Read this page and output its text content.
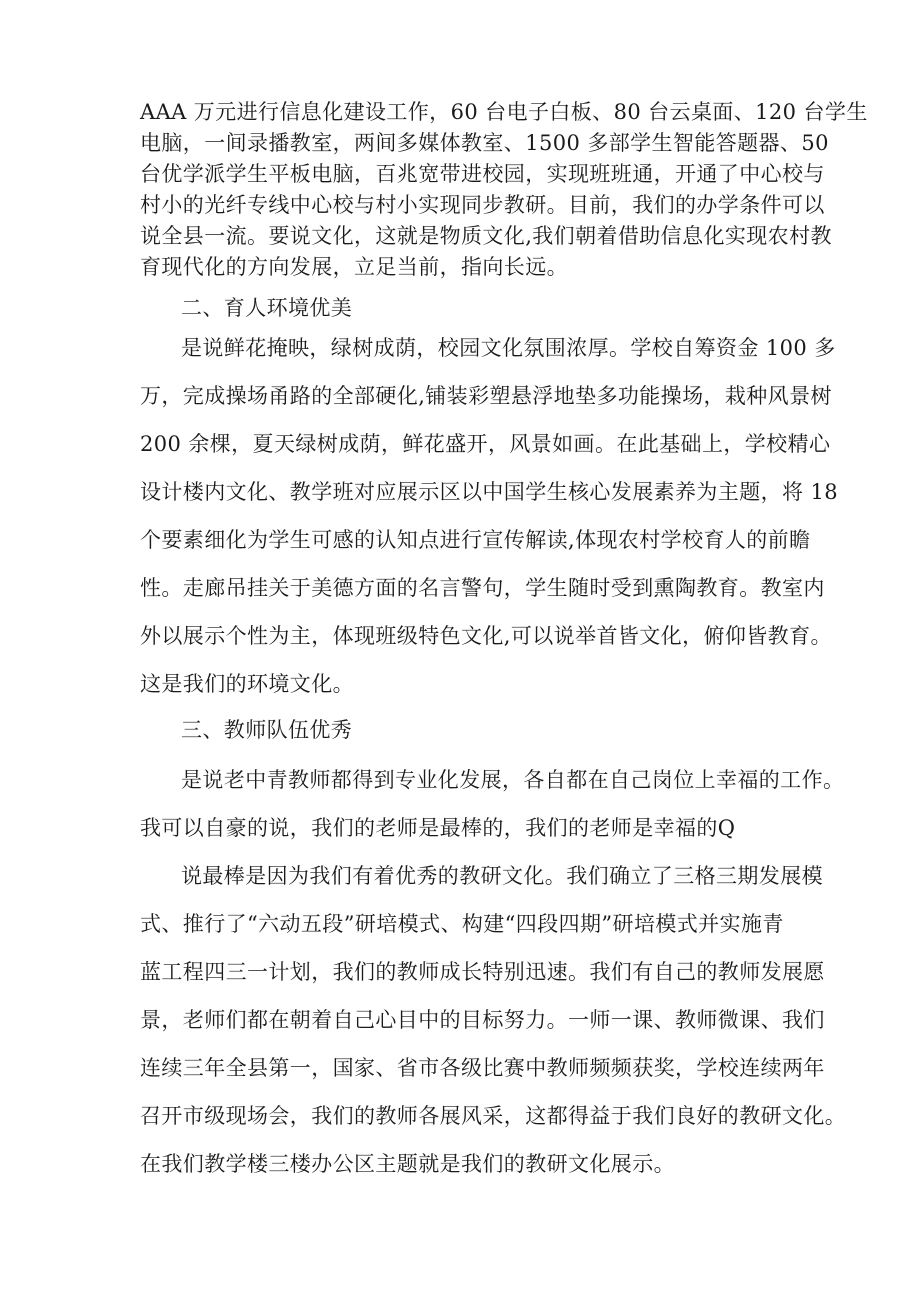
AAA 万元进行信息化建设工作，60 台电子白板、80 台云桌面、120 台学生
电脑，一间录播教室，两间多媒体教室、1500 多部学生智能答题器、50
台优学派学生平板电脑，百兆宽带进校园，实现班班通，开通了中心校与
村小的光纤专线中心校与村小实现同步教研。目前，我们的办学条件可以
说全县一流。要说文化，这就是物质文化,我们朝着借助信息化实现农村教
育现代化的方向发展，立足当前，指向长远。
二、育人环境优美
是说鲜花掩映，绿树成荫，校园文化氛围浓厚。学校自筹资金 100 多
万，完成操场甬路的全部硬化,铺装彩塑悬浮地垫多功能操场，栽种风景树
200 余棵，夏天绿树成荫，鲜花盛开，风景如画。在此基础上，学校精心
设计楼内文化、教学班对应展示区以中国学生核心发展素养为主题，将 18
个要素细化为学生可感的认知点进行宣传解读,体现农村学校育人的前瞻
性。走廊吊挂关于美德方面的名言警句，学生随时受到熏陶教育。教室内
外以展示个性为主，体现班级特色文化,可以说举首皆文化，俯仰皆教育。
这是我们的环境文化。
三、教师队伍优秀
是说老中青教师都得到专业化发展，各自都在自己岗位上幸福的工作。
我可以自豪的说，我们的老师是最棒的，我们的老师是幸福的Q
说最棒是因为我们有着优秀的教研文化。我们确立了三格三期发展模
式、推行了“六动五段”研培模式、构建“四段四期”研培模式并实施青
蓝工程四三一计划，我们的教师成长特别迅速。我们有自己的教师发展愿
景，老师们都在朝着自己心目中的目标努力。一师一课、教师微课、我们
连续三年全县第一，国家、省市各级比赛中教师频频获奖，学校连续两年
召开市级现场会，我们的教师各展风采，这都得益于我们良好的教研文化。
在我们教学楼三楼办公区主题就是我们的教研文化展示。
